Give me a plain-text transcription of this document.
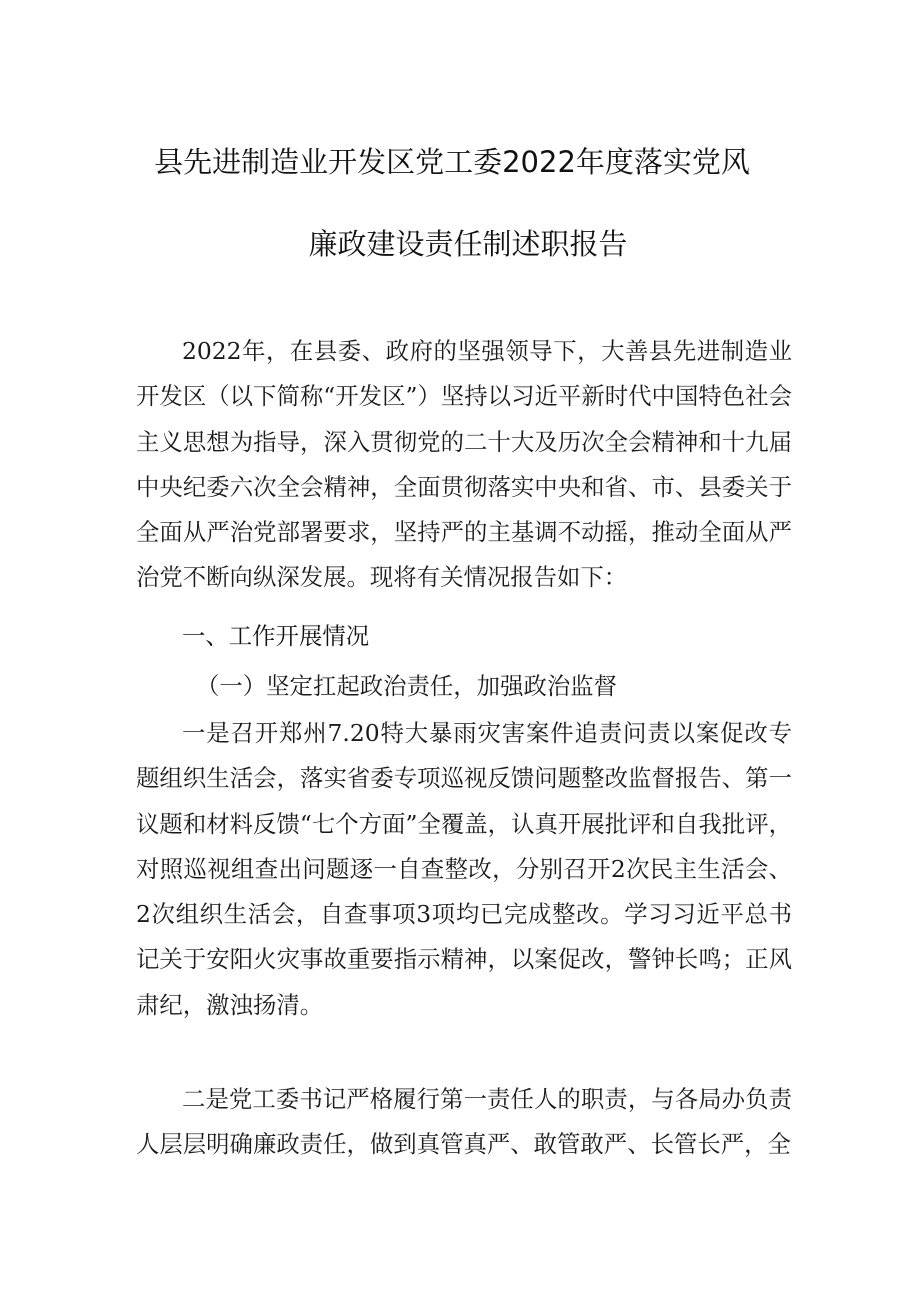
县先进制造业开发区党工委2022年度落实党风
廉政建设责任制述职报告

2022年，在县委、政府的坚强领导下，大善县先进制造业开发区（以下简称“开发区”）坚持以习近平新时代中国特色社会主义思想为指导，深入贯彻党的二十大及历次全会精神和十九届中央纪委六次全会精神，全面贯彻落实中央和省、市、县委关于全面从严治党部署要求，坚持严的主基调不动摇，推动全面从严治党不断向纵深发展。现将有关情况报告如下：

一、工作开展情况
（一）坚定扛起政治责任，加强政治监督

一是召开郑州7.20特大暴雨灾害案件追责问责以案促改专题组织生活会，落实省委专项巡视反馈问题整改监督报告、第一议题和材料反馈“七个方面”全覆盖，认真开展批评和自我批评，对照巡视组查出问题逐一自查整改，分别召开2次民主生活会、2次组织生活会，自查事项3项均已完成整改。学习习近平总书记关于安阳火灾事故重要指示精神，以案促改，警钟长鸣；正风肃纪，激浊扬清。

二是党工委书记严格履行第一责任人的职责，与各局办负责人层层明确廉政责任，做到真管真严、敢管敢严、长管长严，全
